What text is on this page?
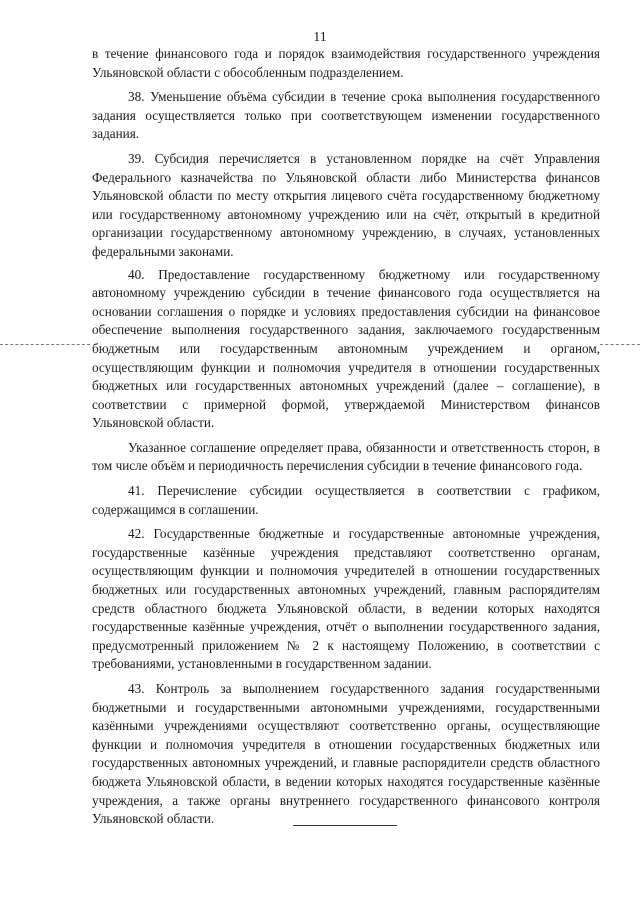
11

в течение финансового года и порядок взаимодействия государственного учреждения Ульяновской области с обособленным подразделением.

38. Уменьшение объёма субсидии в течение срока выполнения государственного задания осуществляется только при соответствующем изменении государственного задания.

39. Субсидия перечисляется в установленном порядке на счёт Управления Федерального казначейства по Ульяновской области либо Министерства финансов Ульяновской области по месту открытия лицевого счёта государственному бюджетному или государственному автономному учреждению или на счёт, открытый в кредитной организации государственному автономному учреждению, в случаях, установленных федеральными законами.

40. Предоставление государственному бюджетному или государственному автономному учреждению субсидии в течение финансового года осуществляется на основании соглашения о порядке и условиях предоставления субсидии на финансовое обеспечение выполнения государственного задания, заключаемого государственным бюджетным или государственным автономным учреждением и органом, осуществляющим функции и полномочия учредителя в отношении государственных бюджетных или государственных автономных учреждений (далее – соглашение), в соответствии с примерной формой, утверждаемой Министерством финансов Ульяновской области.

Указанное соглашение определяет права, обязанности и ответственность сторон, в том числе объём и периодичность перечисления субсидии в течение финансового года.

41. Перечисление субсидии осуществляется в соответствии с графиком, содержащимся в соглашении.

42. Государственные бюджетные и государственные автономные учреждения, государственные казённые учреждения представляют соответственно органам, осуществляющим функции и полномочия учредителей в отношении государственных бюджетных или государственных автономных учреждений, главным распорядителям средств областного бюджета Ульяновской области, в ведении которых находятся государственные казённые учреждения, отчёт о выполнении государственного задания, предусмотренный приложением № 2 к настоящему Положению, в соответствии с требованиями, установленными в государственном задании.

43. Контроль за выполнением государственного задания государственными бюджетными и государственными автономными учреждениями, государственными казёнными учреждениями осуществляют соответственно органы, осуществляющие функции и полномочия учредителя в отношении государственных бюджетных или государственных автономных учреждений, и главные распорядители средств областного бюджета Ульяновской области, в ведении которых находятся государственные казённые учреждения, а также органы внутреннего государственного финансового контроля Ульяновской области.
